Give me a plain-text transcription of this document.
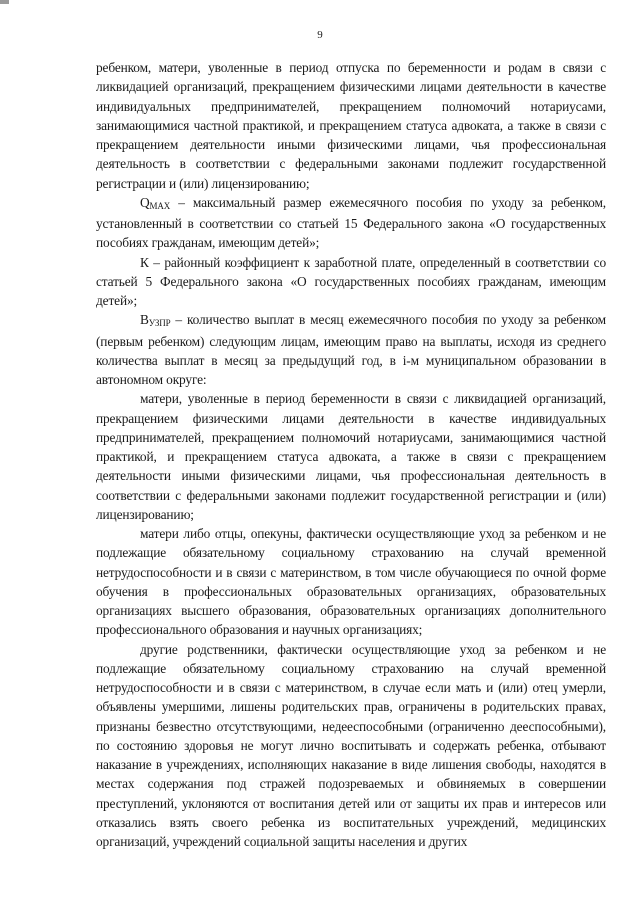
9

ребенком, матери, уволенные в период отпуска по беременности и родам в связи с ликвидацией организаций, прекращением физическими лицами деятельности в качестве индивидуальных предпринимателей, прекращением полномочий нотариусами, занимающимися частной практикой, и прекращением статуса адвоката, а также в связи с прекращением деятельности иными физическими лицами, чья профессиональная деятельность в соответствии с федеральными законами подлежит государственной регистрации и (или) лицензированию;

$Q_{MAX}$ – максимальный размер ежемесячного пособия по уходу за ребенком, установленный в соответствии со статьей 15 Федерального закона «О государственных пособиях гражданам, имеющим детей»;

К – районный коэффициент к заработной плате, определенный в соответствии со статьей 5 Федерального закона «О государственных пособиях гражданам, имеющим детей»;

$В_{УЗПР}$ – количество выплат в месяц ежемесячного пособия по уходу за ребенком (первым ребенком) следующим лицам, имеющим право на выплаты, исходя из среднего количества выплат в месяц за предыдущий год, в i-м муниципальном образовании в автономном округе:

матери, уволенные в период беременности в связи с ликвидацией организаций, прекращением физическими лицами деятельности в качестве индивидуальных предпринимателей, прекращением полномочий нотариусами, занимающимися частной практикой, и прекращением статуса адвоката, а также в связи с прекращением деятельности иными физическими лицами, чья профессиональная деятельность в соответствии с федеральными законами подлежит государственной регистрации и (или) лицензированию;

матери либо отцы, опекуны, фактически осуществляющие уход за ребенком и не подлежащие обязательному социальному страхованию на случай временной нетрудоспособности и в связи с материнством, в том числе обучающиеся по очной форме обучения в профессиональных образовательных организациях, образовательных организациях высшего образования, образовательных организациях дополнительного профессионального образования и научных организациях;

другие родственники, фактически осуществляющие уход за ребенком и не подлежащие обязательному социальному страхованию на случай временной нетрудоспособности и в связи с материнством, в случае если мать и (или) отец умерли, объявлены умершими, лишены родительских прав, ограничены в родительских правах, признаны безвестно отсутствующими, недееспособными (ограниченно дееспособными), по состоянию здоровья не могут лично воспитывать и содержать ребенка, отбывают наказание в учреждениях, исполняющих наказание в виде лишения свободы, находятся в местах содержания под стражей подозреваемых и обвиняемых в совершении преступлений, уклоняются от воспитания детей или от защиты их прав и интересов или отказались взять своего ребенка из воспитательных учреждений, медицинских организаций, учреждений социальной защиты населения и других
